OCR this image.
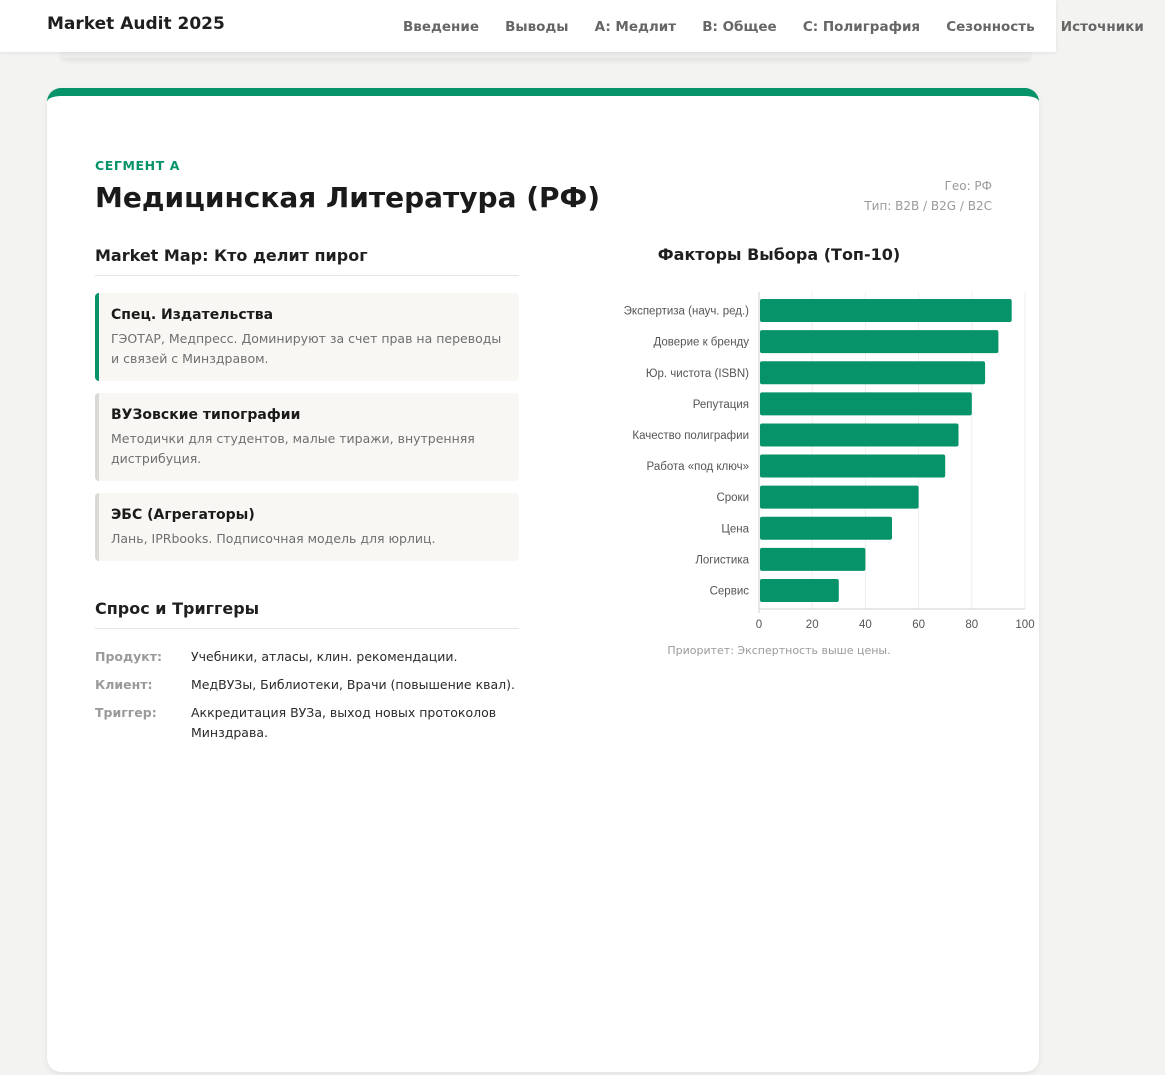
Market Audit 2025	Введение Выводы A: Медлит B: Общее C: Полиграфия Сезонность Источники
СЕГМЕНТ А
Медицинская Литература (РФ)	Гео: РФ
Тип: B2B / B2G / B2C
Market Map: Кто делит пирог
Спец. Издательства
ГЭОТАР, Медпресс. Доминируют за счет прав на переводы и связей с Минздравом.
ВУЗовские типографии
Методички для студентов, малые тиражи, внутренняя дистрибуция.
ЭБС (Агрегаторы)
Лань, IPRbooks. Подписочная модель для юрлиц.
Спрос и Триггеры
Продукт:	Учебники, атласы, клин. рекомендации.
Клиент:	МедВУЗы, Библиотеки, Врачи (повышение квал).
Триггер:	Аккредитация ВУЗа, выход новых протоколов Минздрава.
Факторы Выбора (Топ-10)
Экспертиза (науч. ред.)
Доверие к бренду
Юр. чистота (ISBN)
Репутация
Качество полиграфии
Работа «под ключ»
Сроки
Цена
Логистика
Сервис
0	20	40	60	80	100
Приоритет: Экспертность выше цены.
